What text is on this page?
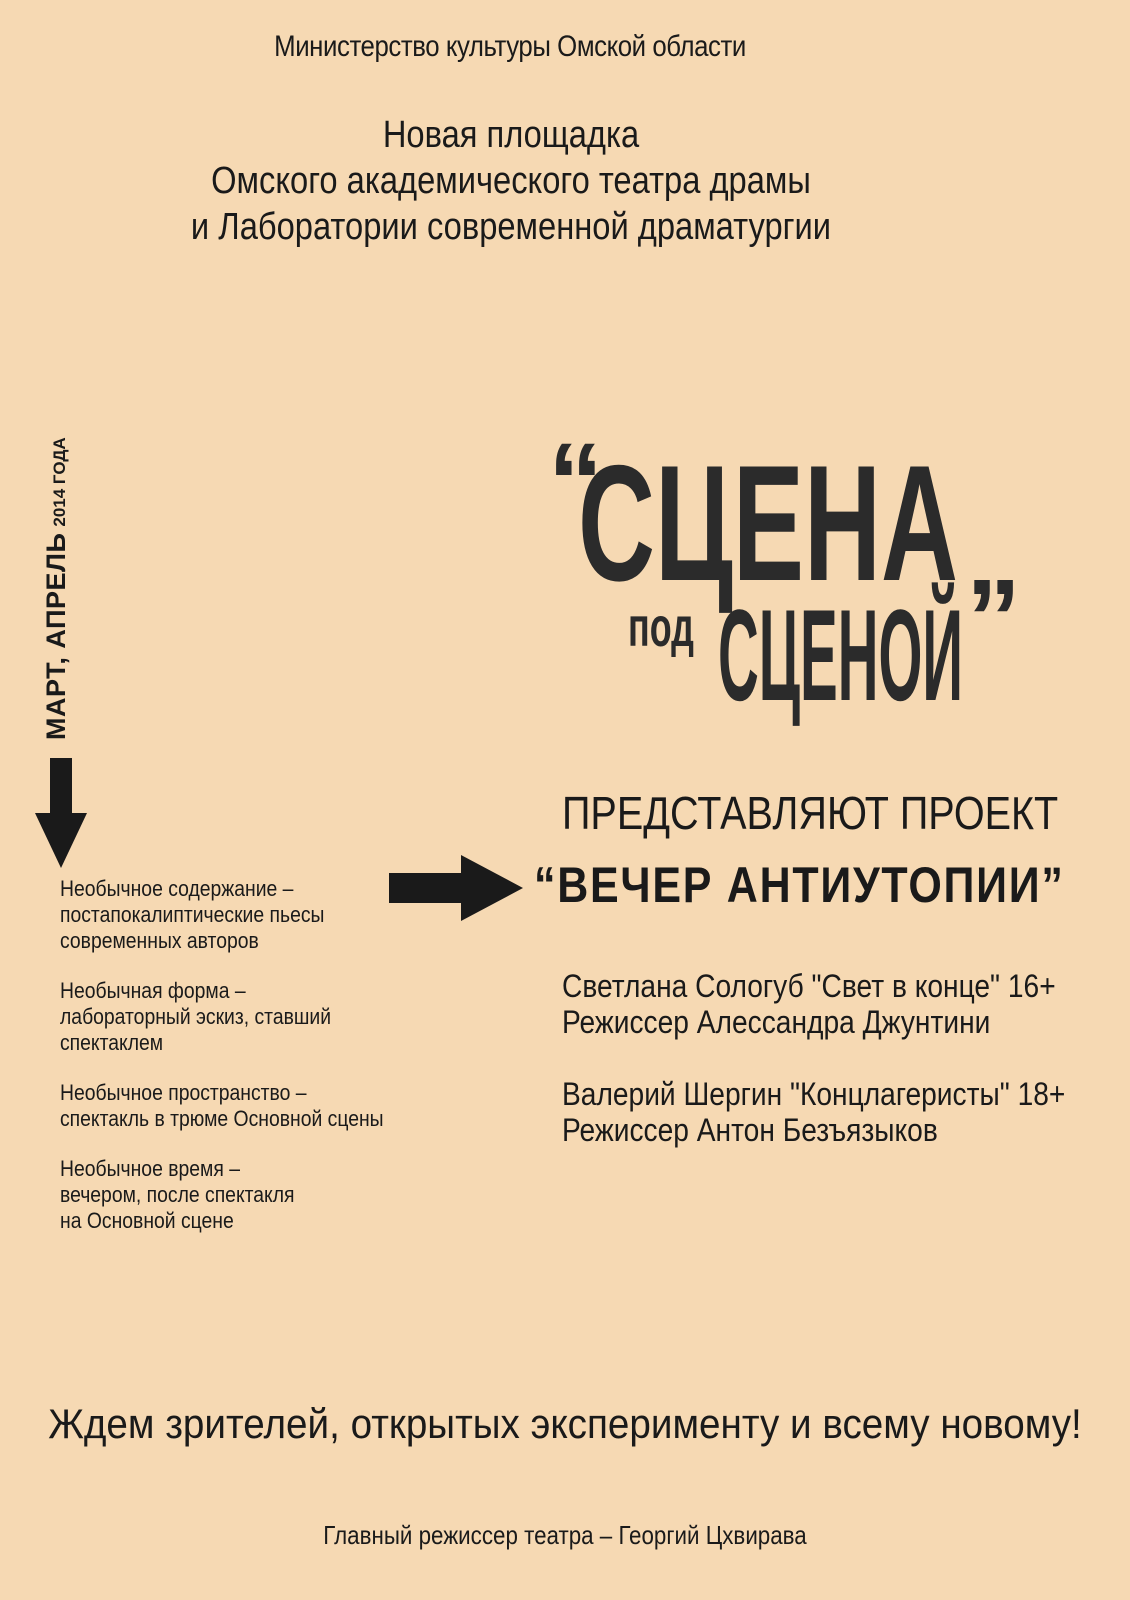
Министерство культуры Омской области
Новая площадка
Омского академического театра драмы
и Лаборатории современной драматургии
МАРТ, АПРЕЛЬ2014 ГОДА
Необычное содержание –
постапокалиптические пьесы
современных авторов
Необычная форма –
лабораторный эскиз, ставший
спектаклем
Необычное пространство –
спектакль в трюме Основной сцены
Необычное время –
вечером, после спектакля
на Основной сцене
“
СЦЕНА
под СЦЕНОЙ ”
ПРЕДСТАВЛЯЮТ ПРОЕКТ
“ВЕЧЕР АНТИУТОПИИ”
Светлана Сологуб "Свет в конце" 16+
Режиссер Алессандра Джунтини
Валерий Шергин "Концлагеристы" 18+
Режиссер Антон Безъязыков
Ждем зрителей, открытых эксперименту и всему новому!
Главный режиссер театра – Георгий Цхвирава
